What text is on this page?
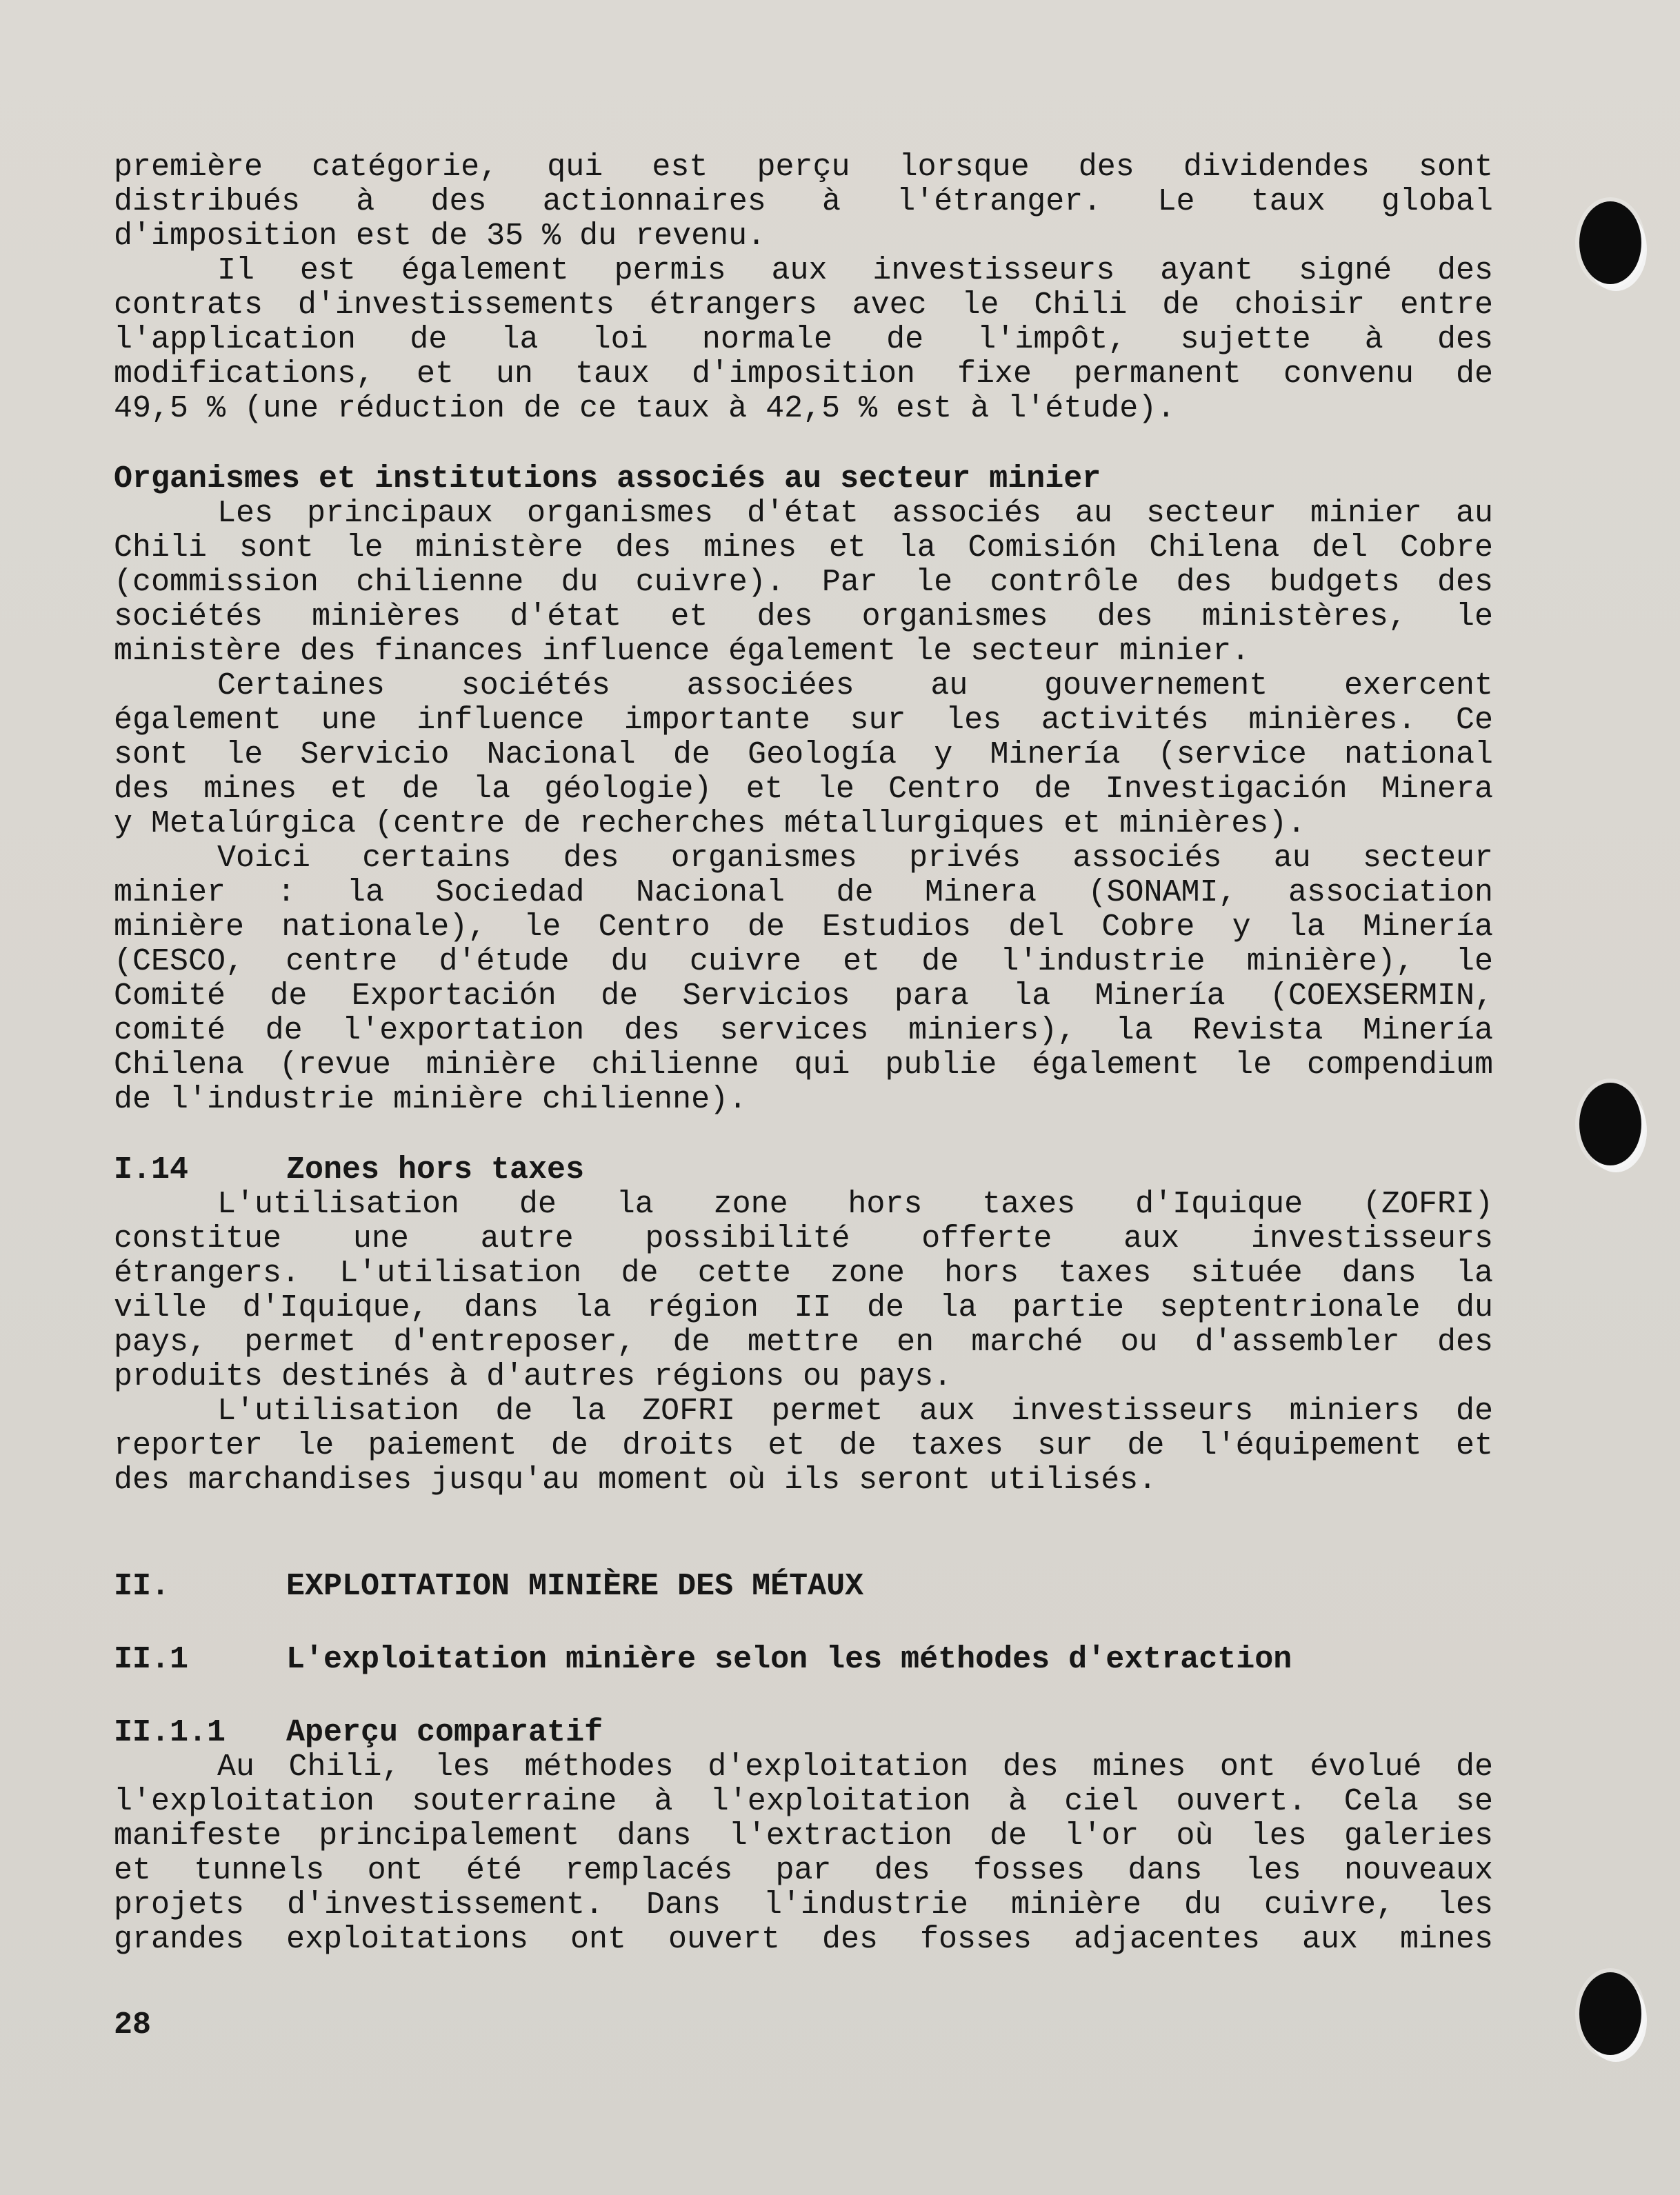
première catégorie, qui est perçu lorsque des dividendes sont

distribués à des actionnaires à l'étranger. Le taux global

d'imposition est de 35 % du revenu.

Il est également permis aux investisseurs ayant signé des

contrats d'investissements étrangers avec le Chili de choisir entre

l'application de la loi normale de l'impôt, sujette à des

modifications, et un taux d'imposition fixe permanent convenu de

49,5 % (une réduction de ce taux à 42,5 % est à l'étude).

Organismes et institutions associés au secteur minier

Les principaux organismes d'état associés au secteur minier au

Chili sont le ministère des mines et la Comisión Chilena del Cobre

(commission chilienne du cuivre). Par le contrôle des budgets des

sociétés minières d'état et des organismes des ministères, le

ministère des finances influence également le secteur minier.

Certaines sociétés associées au gouvernement exercent

également une influence importante sur les activités minières. Ce

sont le Servicio Nacional de Geología y Minería (service national

des mines et de la géologie) et le Centro de Investigación Minera

y Metalúrgica (centre de recherches métallurgiques et minières).

Voici certains des organismes privés associés au secteur

minier : la Sociedad Nacional de Minera (SONAMI, association

minière nationale), le Centro de Estudios del Cobre y la Minería

(CESCO, centre d'étude du cuivre et de l'industrie minière), le

Comité de Exportación de Servicios para la Minería (COEXSERMIN,

comité de l'exportation des services miniers), la Revista Minería

Chilena (revue minière chilienne qui publie également le compendium

de l'industrie minière chilienne).

I.14	Zones hors taxes

L'utilisation de la zone hors taxes d'Iquique (ZOFRI)

constitue une autre possibilité offerte aux investisseurs

étrangers. L'utilisation de cette zone hors taxes située dans la

ville d'Iquique, dans la région II de la partie septentrionale du

pays, permet d'entreposer, de mettre en marché ou d'assembler des

produits destinés à d'autres régions ou pays.

L'utilisation de la ZOFRI permet aux investisseurs miniers de

reporter le paiement de droits et de taxes sur de l'équipement et

des marchandises jusqu'au moment où ils seront utilisés.

II.	EXPLOITATION MINIÈRE DES MÉTAUX

II.1	L'exploitation minière selon les méthodes d'extraction

II.1.1 Aperçu comparatif

Au Chili, les méthodes d'exploitation des mines ont évolué de

l'exploitation souterraine à l'exploitation à ciel ouvert. Cela se

manifeste principalement dans l'extraction de l'or où les galeries

et tunnels ont été remplacés par des fosses dans les nouveaux

projets d'investissement. Dans l'industrie minière du cuivre, les

grandes exploitations ont ouvert des fosses adjacentes aux mines

28
